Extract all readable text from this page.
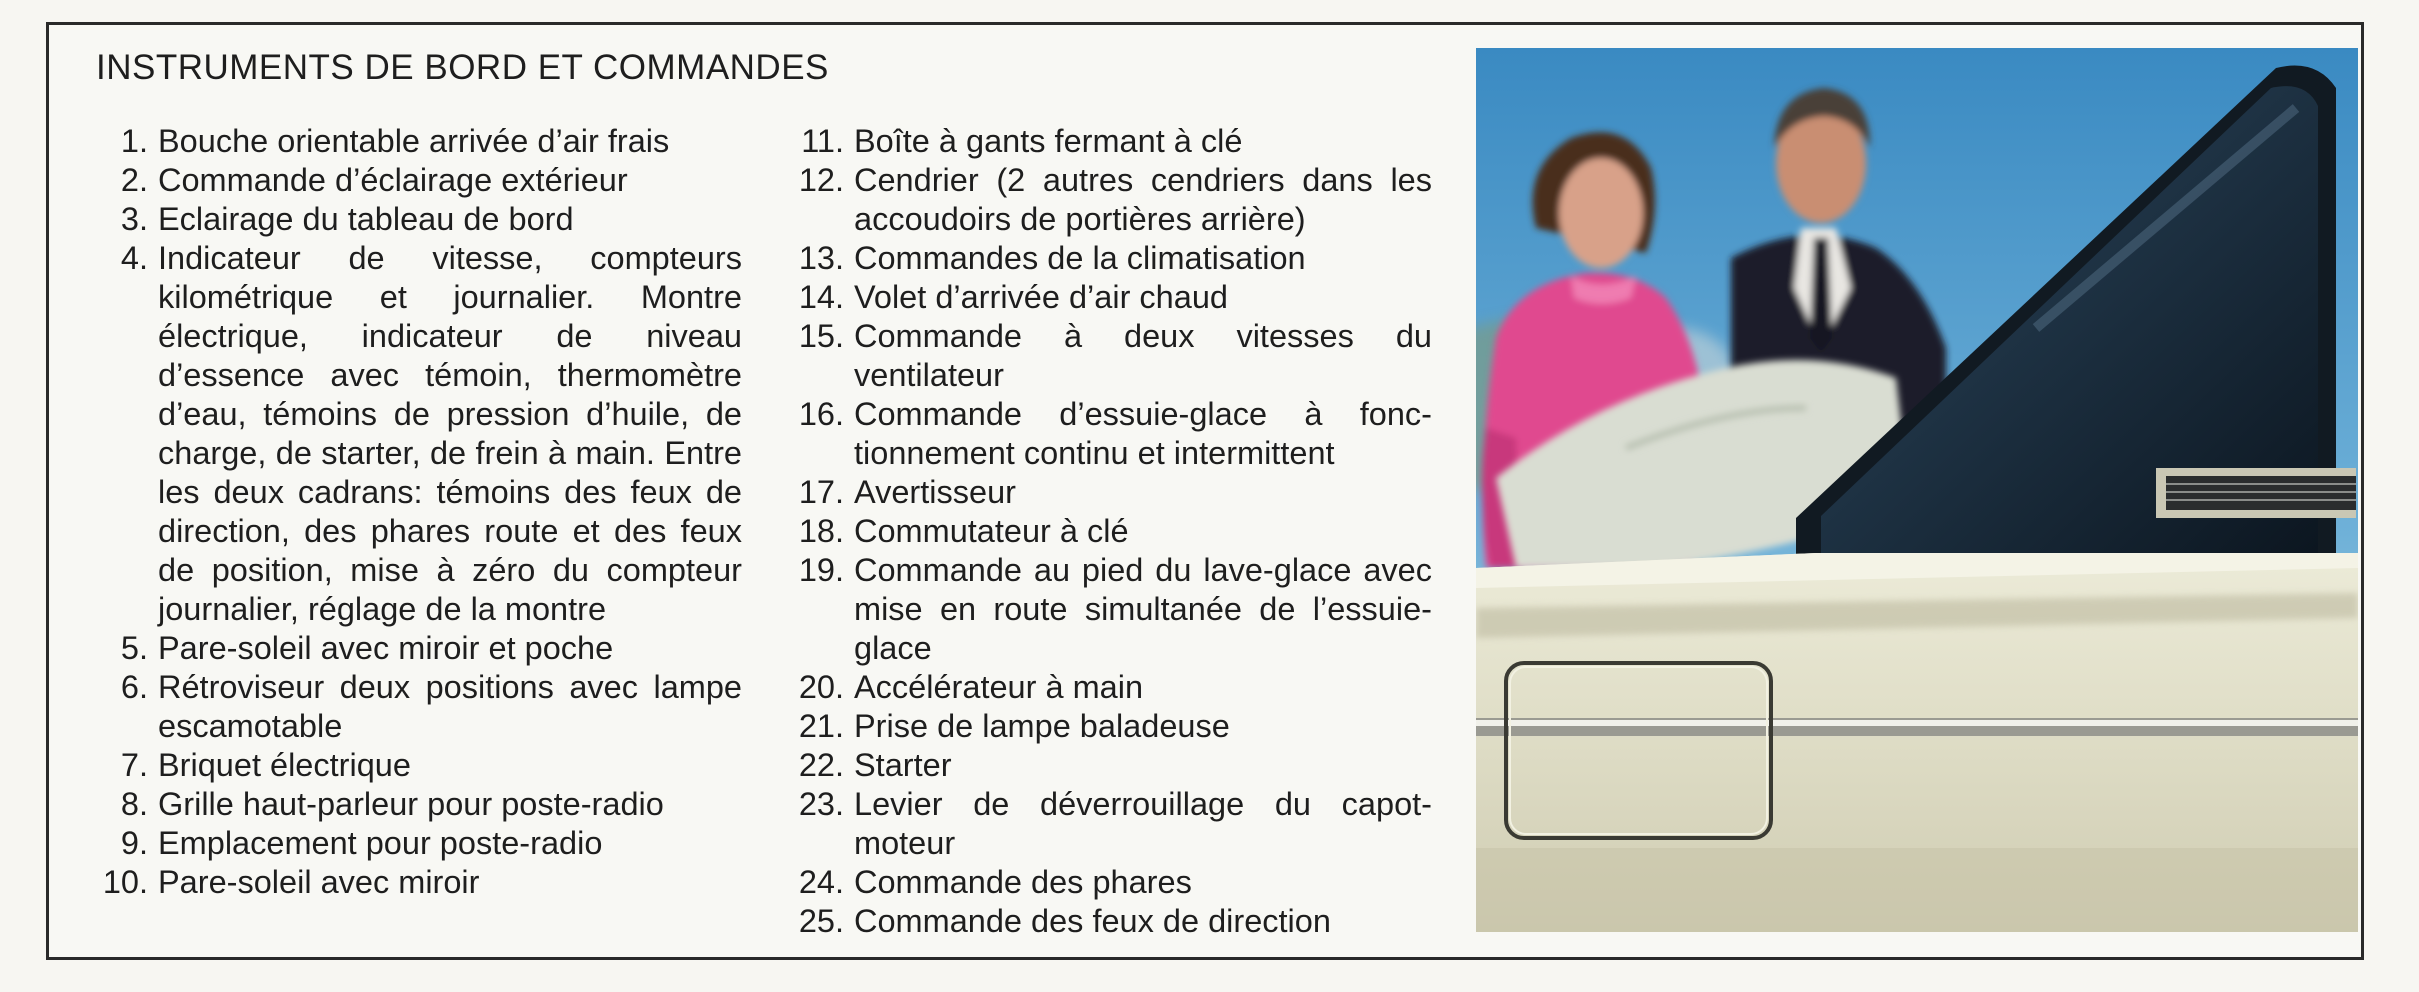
INSTRUMENTS DE BORD ET COMMANDES
1. Bouche orientable arrivée d’air frais
2. Commande d’éclairage extérieur
3. Eclairage du tableau de bord
4. Indicateur de vitesse, compteurs kilométrique et journalier. Montre électrique, indicateur de niveau d’essence avec témoin, thermomètre d’eau, témoins de pression d’huile, de charge, de starter, de frein à main. Entre les deux cadrans: témoins des feux de direction, des phares route et des feux de position, mise à zéro du compteur journalier, réglage de la montre
5. Pare-soleil avec miroir et poche
6. Rétroviseur deux positions avec lampe escamotable
7. Briquet électrique
8. Grille haut-parleur pour poste-radio
9. Emplacement pour poste-radio
10. Pare-soleil avec miroir
11. Boîte à gants fermant à clé
12. Cendrier (2 autres cendriers dans les accoudoirs de portières arrière)
13. Commandes de la climatisation
14. Volet d’arrivée d’air chaud
15. Commande à deux vitesses du ventilateur
16. Commande d’essuie-glace à fonctionnement continu et intermittent
17. Avertisseur
18. Commutateur à clé
19. Commande au pied du lave-glace avec mise en route simultanée de l’essuie-glace
20. Accélérateur à main
21. Prise de lampe baladeuse
22. Starter
23. Levier de déverrouillage du capot-moteur
24. Commande des phares
25. Commande des feux de direction
